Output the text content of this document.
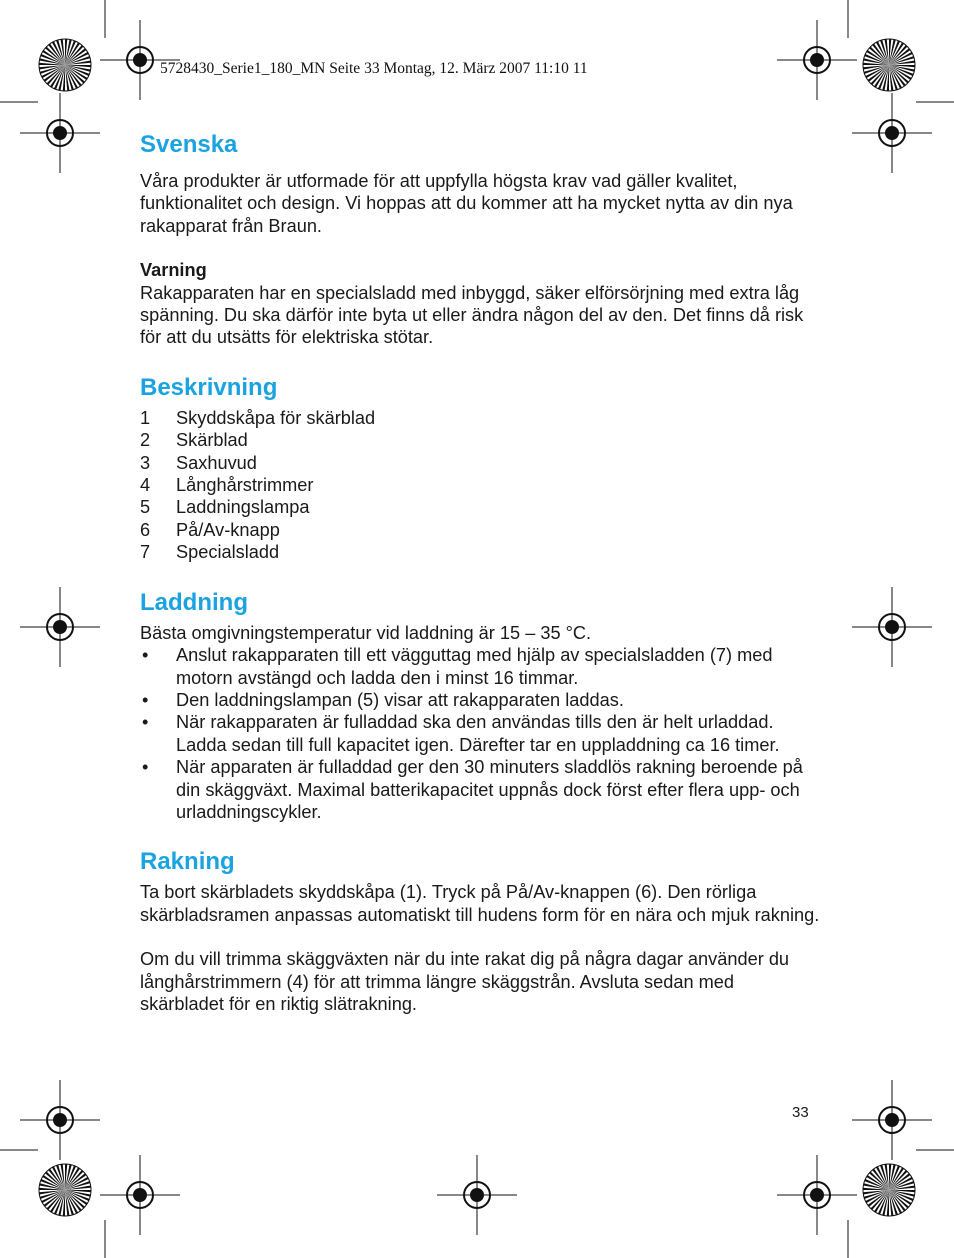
5728430_Serie1_180_MN Seite 33 Montag, 12. März 2007 11:10 11
Svenska

Våra produkter är utformade för att uppfylla högsta krav vad gäller kvalitet, funktionalitet och design. Vi hoppas att du kommer att ha mycket nytta av din nya rakapparat från Braun.

Varning

Rakapparaten har en specialsladd med inbyggd, säker elförsörjning med extra låg spänning. Du ska därför inte byta ut eller ändra någon del av den. Det finns då risk för att du utsätts för elektriska stötar.

Beskrivning
1	Skyddskåpa för skärblad
2	Skärblad
3	Saxhuvud
4	Långhårstrimmer
5	Laddningslampa
6	På/Av-knapp
7	Specialsladd
Laddning

Bästa omgivningstemperatur vid laddning är 15 – 35 °C.

•	Anslut rakapparaten till ett vägguttag med hjälp av specialsladden (7) med motorn avstängd och ladda den i minst 16 timmar.
•	Den laddningslampan (5) visar att rakapparaten laddas.
•	När rakapparaten är fulladdad ska den användas tills den är helt urladdad. Ladda sedan till full kapacitet igen. Därefter tar en uppladdning ca 16 timer.
•	När apparaten är fulladdad ger den 30 minuters sladdlös rakning beroende på din skäggväxt. Maximal batterikapacitet uppnås dock först efter flera upp- och urladdningscykler.
Rakning

Ta bort skärbladets skyddskåpa (1). Tryck på På/Av-knappen (6). Den rörliga skärbladsramen anpassas automatiskt till hudens form för en nära och mjuk rakning.

Om du vill trimma skäggväxten när du inte rakat dig på några dagar använder du långhårstrimmern (4) för att trimma längre skäggstrån. Avsluta sedan med skärbladet för en riktig slätrakning.

33
